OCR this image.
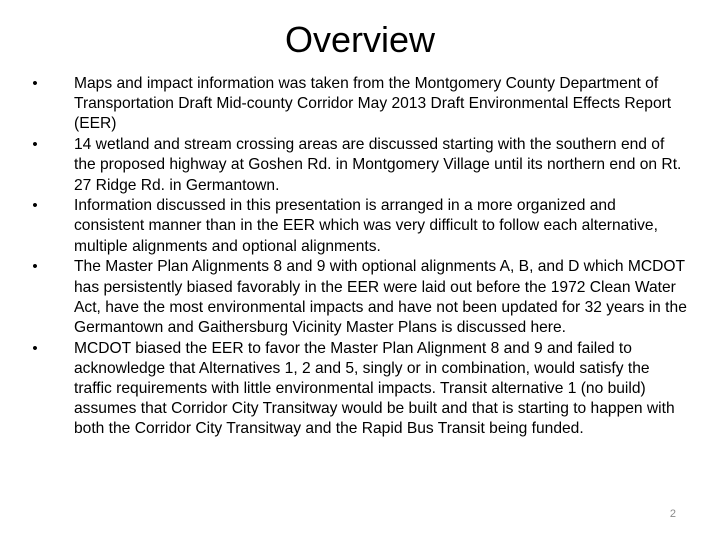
Overview
• Maps and impact information was taken from the Montgomery County Department of Transportation Draft Mid-county Corridor May 2013 Draft Environmental Effects Report (EER)
• 14 wetland and stream crossing areas are discussed starting with the southern end of the proposed highway at Goshen Rd. in Montgomery Village until its northern end on Rt. 27 Ridge Rd. in Germantown.
• Information discussed in this presentation is arranged in a more organized and consistent manner than in the EER which was very difficult to follow each alternative, multiple alignments and optional alignments.
• The Master Plan Alignments 8 and 9 with optional alignments A, B, and D which MCDOT has persistently biased favorably in the EER were laid out before the 1972 Clean Water Act, have the most environmental impacts and have not been updated for 32 years in the Germantown and Gaithersburg Vicinity Master Plans is discussed here.
• MCDOT biased the EER to favor the Master Plan Alignment 8 and 9 and failed to acknowledge that Alternatives 1, 2 and 5, singly or in combination, would satisfy the traffic requirements with little environmental impacts. Transit alternative 1 (no build) assumes that Corridor City Transitway would be built and that is starting to happen with both the Corridor City Transitway and the Rapid Bus Transit being funded.
2
